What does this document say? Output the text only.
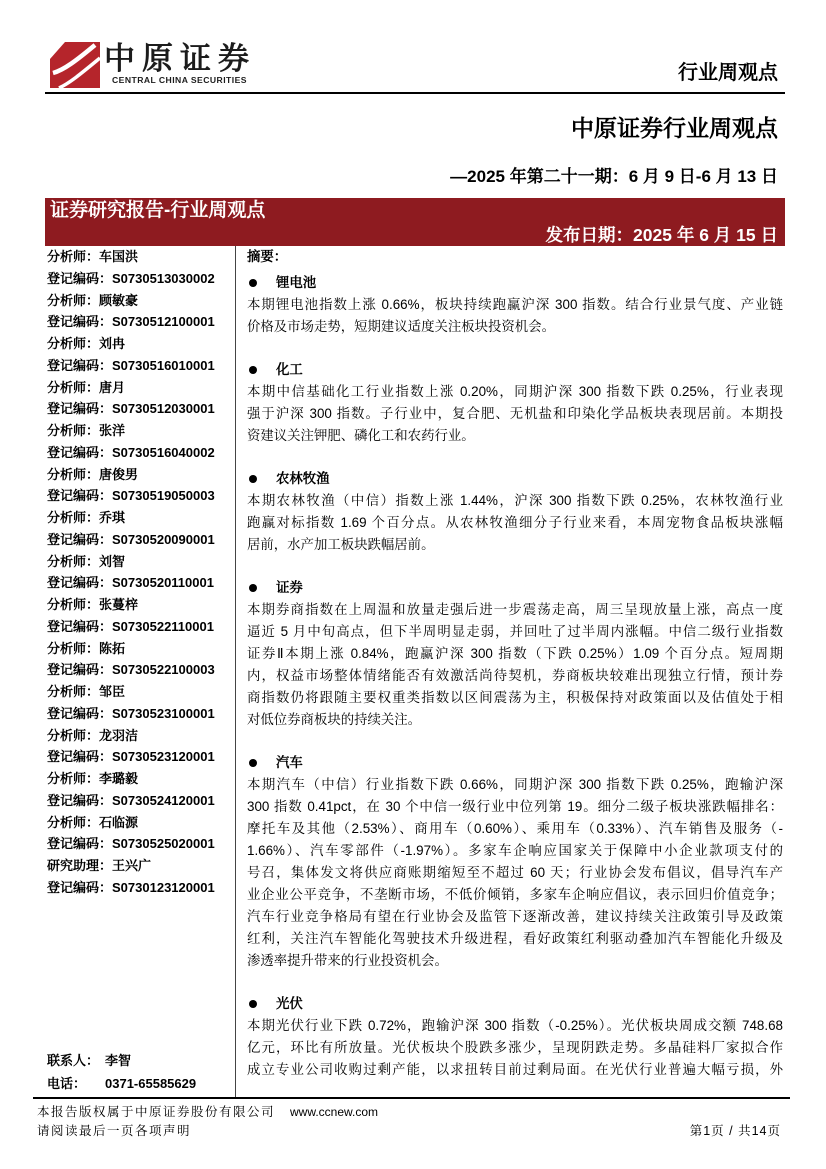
中原证券
CENTRAL CHINA SECURITIES	行业周观点
中原证券行业周观点
—2025 年第二十一期：6 月 9 日-6 月 13 日
证券研究报告-行业周观点
发布日期：2025 年 6 月 15 日
分析师：车国洪
登记编码：S0730513030002
分析师：顾敏豪
登记编码：S0730512100001
分析师：刘冉
登记编码：S0730516010001
分析师：唐月
登记编码：S0730512030001
分析师：张洋
登记编码：S0730516040002
分析师：唐俊男
登记编码：S0730519050003
分析师：乔琪
登记编码：S0730520090001
分析师：刘智
登记编码：S0730520110001
分析师：张蔓梓
登记编码：S0730522110001
分析师：陈拓
登记编码：S0730522100003
分析师：邹臣
登记编码：S0730523100001
分析师：龙羽洁
登记编码：S0730523120001
分析师：李璐毅
登记编码：S0730524120001
分析师：石临源
登记编码：S0730525020001
研究助理：王兴广
登记编码：S0730123120001
联系人： 李智
电话： 0371-65585629
摘要：
锂电池
本期锂电池指数上涨 0.66%，板块持续跑赢沪深 300 指数。结合行业景气度、产业链
价格及市场走势，短期建议适度关注板块投资机会。
化工
本期中信基础化工行业指数上涨 0.20%，同期沪深 300 指数下跌 0.25%，行业表现
强于沪深 300 指数。子行业中，复合肥、无机盐和印染化学品板块表现居前。本期投
资建议关注钾肥、磷化工和农药行业。
农林牧渔
本期农林牧渔（中信）指数上涨 1.44%，沪深 300 指数下跌 0.25%，农林牧渔行业
跑赢对标指数 1.69 个百分点。从农林牧渔细分子行业来看，本周宠物食品板块涨幅
居前，水产加工板块跌幅居前。
证券
本期券商指数在上周温和放量走强后进一步震荡走高，周三呈现放量上涨，高点一度
逼近 5 月中旬高点，但下半周明显走弱，并回吐了过半周内涨幅。中信二级行业指数
证券Ⅱ本期上涨 0.84%，跑赢沪深 300 指数（下跌 0.25%）1.09 个百分点。短周期
内，权益市场整体情绪能否有效激活尚待契机，券商板块较难出现独立行情，预计券
商指数仍将跟随主要权重类指数以区间震荡为主，积极保持对政策面以及估值处于相
对低位券商板块的持续关注。
汽车
本期汽车（中信）行业指数下跌 0.66%，同期沪深 300 指数下跌 0.25%，跑输沪深
300 指数 0.41pct，在 30 个中信一级行业中位列第 19。细分二级子板块涨跌幅排名：
摩托车及其他（2.53%）、商用车（0.60%）、乘用车（0.33%）、汽车销售及服务（-
1.66%）、汽车零部件（-1.97%）。多家车企响应国家关于保障中小企业款项支付的
号召，集体发文将供应商账期缩短至不超过 60 天；行业协会发布倡议，倡导汽车产
业企业公平竞争，不垄断市场，不低价倾销，多家车企响应倡议，表示回归价值竞争；
汽车行业竞争格局有望在行业协会及监管下逐渐改善，建议持续关注政策引导及政策
红利，关注汽车智能化驾驶技术升级进程，看好政策红利驱动叠加汽车智能化升级及
渗透率提升带来的行业投资机会。
光伏
本期光伏行业下跌 0.72%，跑输沪深 300 指数（-0.25%）。光伏板块周成交额 748.68
亿元，环比有所放量。光伏板块个股跌多涨少，呈现阴跌走势。多晶硅料厂家拟合作
成立专业公司收购过剩产能，以求扭转目前过剩局面。在光伏行业普遍大幅亏损，外
本报告版权属于中原证券股份有限公司 www.ccnew.com
请阅读最后一页各项声明	第1页 / 共14页
